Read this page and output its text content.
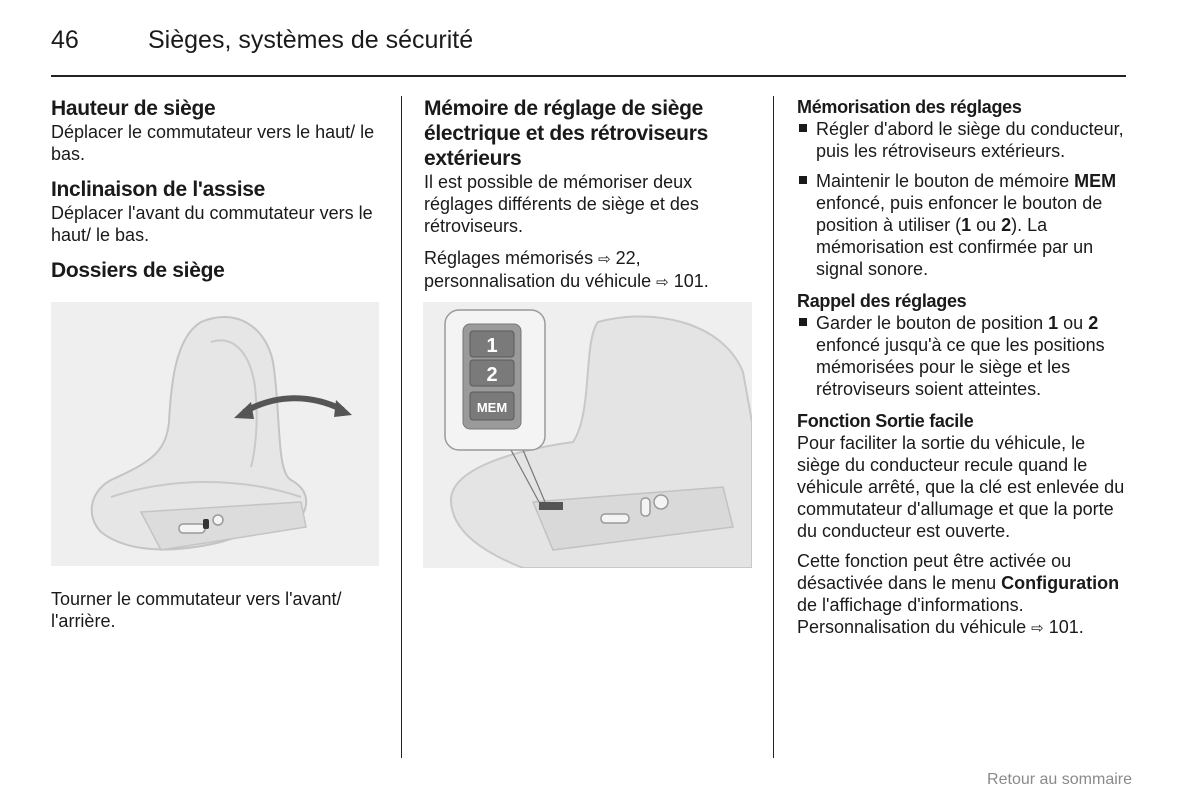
46	Sièges, systèmes de sécurité
Hauteur de siège

Déplacer le commutateur vers le haut/ le bas.

Inclinaison de l'assise

Déplacer l'avant du commutateur vers le haut/ le bas.

Dossiers de siège

Tourner le commutateur vers l'avant/ l'arrière.

Mémoire de réglage de siège électrique et des rétroviseurs extérieurs

Il est possible de mémoriser deux réglages différents de siège et des rétroviseurs.

Réglages mémorisés ⇨ 22, personnalisation du véhicule ⇨ 101.

1
2
MEM
Mémorisation des réglages
Régler d'abord le siège du conducteur, puis les rétroviseurs extérieurs.
Maintenir le bouton de mémoire MEM enfoncé, puis enfoncer le bouton de position à utiliser (1 ou 2). La mémorisation est confirmée par un signal sonore.
Rappel des réglages
Garder le bouton de position 1 ou 2 enfoncé jusqu'à ce que les positions mémorisées pour le siège et les rétroviseurs soient atteintes.
Fonction Sortie facile

Pour faciliter la sortie du véhicule, le siège du conducteur recule quand le véhicule arrêté, que la clé est enlevée du commutateur d'allumage et que la porte du conducteur est ouverte.

Cette fonction peut être activée ou désactivée dans le menu Configuration de l'affichage d'informations. Personnalisation du véhicule ⇨ 101.

Retour au sommaire
